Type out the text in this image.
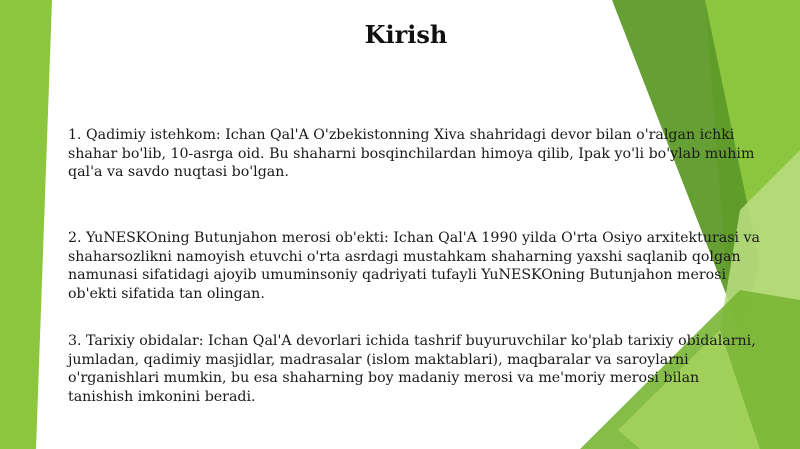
Kirish

1. Qadimiy istehkom: Ichan Qal'A O'zbekistonning Xiva shahridagi devor bilan o'ralgan ichki shahar bo'lib, 10-asrga oid. Bu shaharni bosqinchilardan himoya qilib, Ipak yo'li bo'ylab muhim qal'a va savdo nuqtasi bo'lgan.

2. YuNESKOning Butunjahon merosi ob'ekti: Ichan Qal'A 1990 yilda O'rta Osiyo arxitekturasi va shaharsozlikni namoyish etuvchi o'rta asrdagi mustahkam shaharning yaxshi saqlanib qolgan namunasi sifatidagi ajoyib umuminsoniy qadriyati tufayli YuNESKOning Butunjahon merosi ob'ekti sifatida tan olingan.

3. Tarixiy obidalar: Ichan Qal'A devorlari ichida tashrif buyuruvchilar ko'plab tarixiy obidalarni, jumladan, qadimiy masjidlar, madrasalar (islom maktablari), maqbaralar va saroylarni o'rganishlari mumkin, bu esa shaharning boy madaniy merosi va me'moriy merosi bilan tanishish imkonini beradi.
